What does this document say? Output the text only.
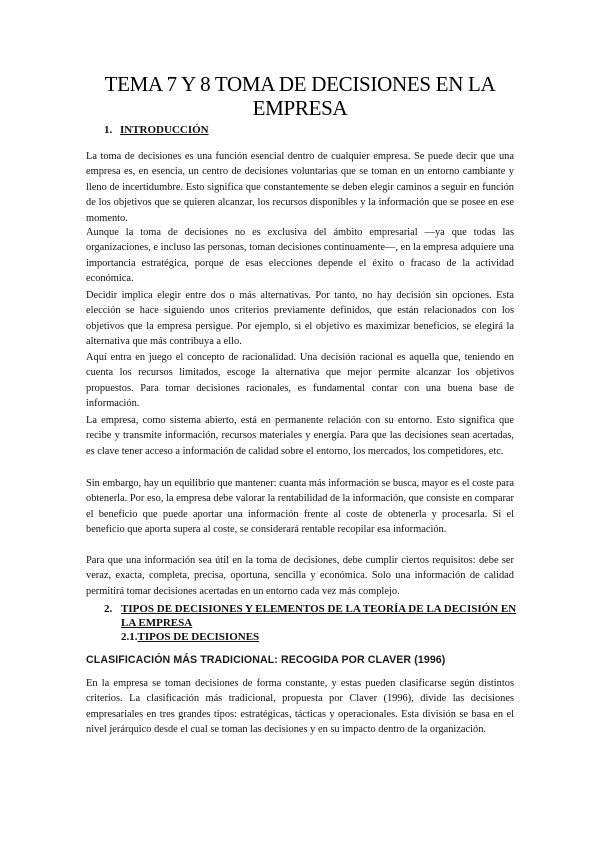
TEMA 7 Y 8 TOMA DE DECISIONES EN LA EMPRESA
1. INTRODUCCIÓN

La toma de decisiones es una función esencial dentro de cualquier empresa. Se puede decir que una empresa es, en esencia, un centro de decisiones voluntarias que se toman en un entorno cambiante y lleno de incertidumbre. Esto significa que constantemente se deben elegir caminos a seguir en función de los objetivos que se quieren alcanzar, los recursos disponibles y la información que se posee en ese momento.

Aunque la toma de decisiones no es exclusiva del ámbito empresarial —ya que todas las organizaciones, e incluso las personas, toman decisiones continuamente—, en la empresa adquiere una importancia estratégica, porque de esas elecciones depende el éxito o fracaso de la actividad económica.

Decidir implica elegir entre dos o más alternativas. Por tanto, no hay decisión sin opciones. Esta elección se hace siguiendo unos criterios previamente definidos, que están relacionados con los objetivos que la empresa persigue. Por ejemplo, si el objetivo es maximizar beneficios, se elegirá la alternativa que más contribuya a ello.

Aquí entra en juego el concepto de racionalidad. Una decisión racional es aquella que, teniendo en cuenta los recursos limitados, escoge la alternativa que mejor permite alcanzar los objetivos propuestos. Para tomar decisiones racionales, es fundamental contar con una buena base de información.

La empresa, como sistema abierto, está en permanente relación con su entorno. Esto significa que recibe y transmite información, recursos materiales y energía. Para que las decisiones sean acertadas, es clave tener acceso a información de calidad sobre el entorno, los mercados, los competidores, etc.

Sin embargo, hay un equilibrio que mantener: cuanta más información se busca, mayor es el coste para obtenerla. Por eso, la empresa debe valorar la rentabilidad de la información, que consiste en comparar el beneficio que puede aportar una información frente al coste de obtenerla y procesarla. Si el beneficio que aporta supera al coste, se considerará rentable recopilar esa información.

Para que una información sea útil en la toma de decisiones, debe cumplir ciertos requisitos: debe ser veraz, exacta, completa, precisa, oportuna, sencilla y económica. Solo una información de calidad permitirá tomar decisiones acertadas en un entorno cada vez más complejo.

2. TIPOS DE DECISIONES Y ELEMENTOS DE LA TEORÍA DE LA DECISIÓN EN LA EMPRESA
2.1.TIPOS DE DECISIONES
CLASIFICACIÓN MÁS TRADICIONAL: RECOGIDA POR CLAVER (1996)

En la empresa se toman decisiones de forma constante, y estas pueden clasificarse según distintos criterios. La clasificación más tradicional, propuesta por Claver (1996), divide las decisiones empresariales en tres grandes tipos: estratégicas, tácticas y operacionales. Esta división se basa en el nivel jerárquico desde el cual se toman las decisiones y en su impacto dentro de la organización.
